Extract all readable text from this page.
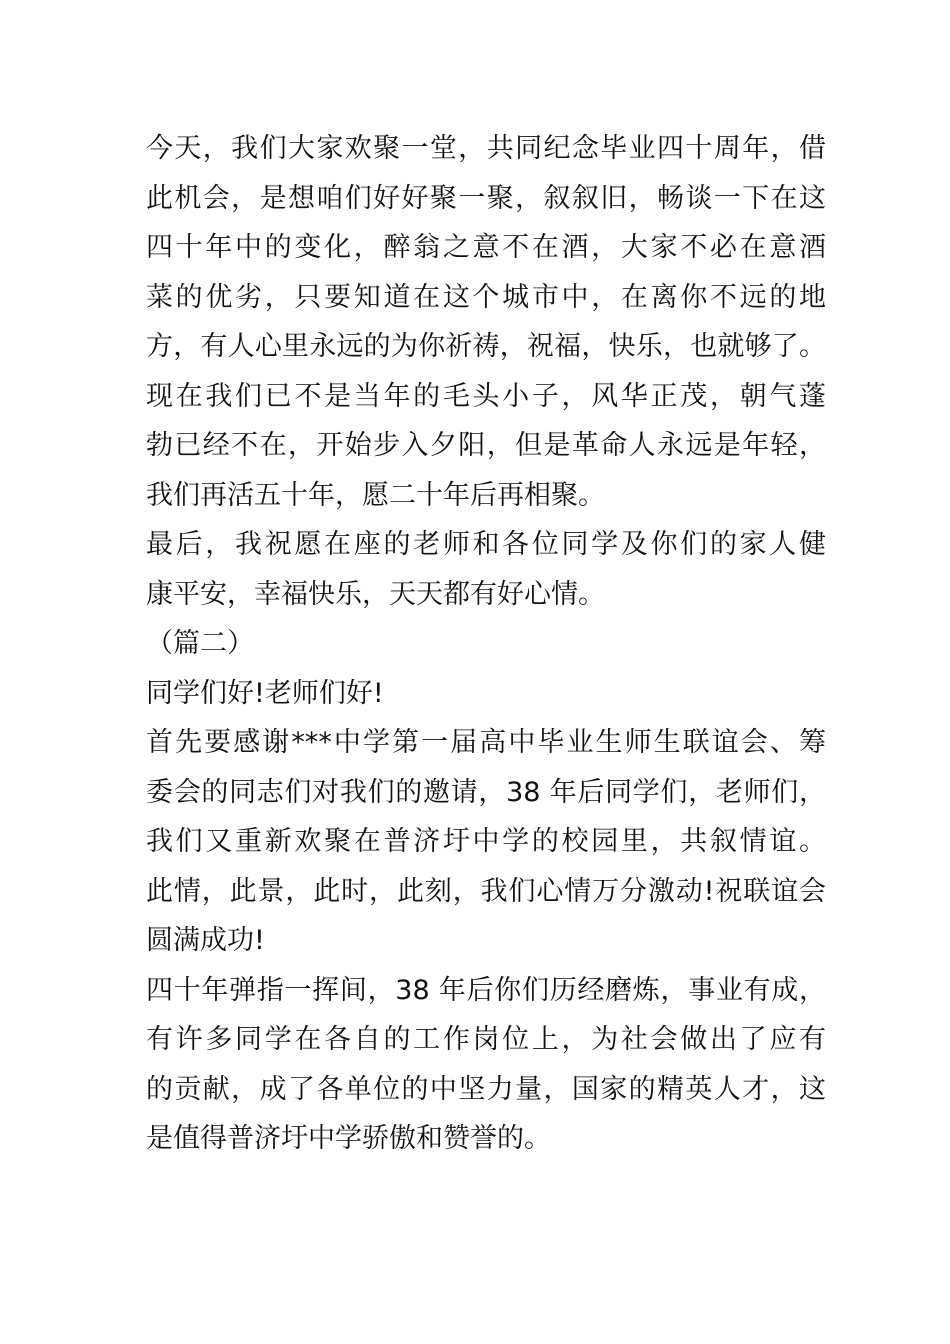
今天，我们大家欢聚一堂，共同纪念毕业四十周年，借
此机会，是想咱们好好聚一聚，叙叙旧，畅谈一下在这
四十年中的变化，醉翁之意不在酒，大家不必在意酒
菜的优劣，只要知道在这个城市中，在离你不远的地
方，有人心里永远的为你祈祷，祝福，快乐，也就够了。
现在我们已不是当年的毛头小子，风华正茂，朝气蓬
勃已经不在，开始步入夕阳，但是革命人永远是年轻，
我们再活五十年，愿二十年后再相聚。
最后，我祝愿在座的老师和各位同学及你们的家人健
康平安，幸福快乐，天天都有好心情。
（篇二）
同学们好!老师们好!
首先要感谢***中学第一届高中毕业生师生联谊会、筹
委会的同志们对我们的邀请，38 年后同学们，老师们，
我们又重新欢聚在普济圩中学的校园里，共叙情谊。
此情，此景，此时，此刻，我们心情万分激动!祝联谊会
圆满成功!
四十年弹指一挥间，38 年后你们历经磨炼，事业有成，
有许多同学在各自的工作岗位上，为社会做出了应有
的贡献，成了各单位的中坚力量，国家的精英人才，这
是值得普济圩中学骄傲和赞誉的。
